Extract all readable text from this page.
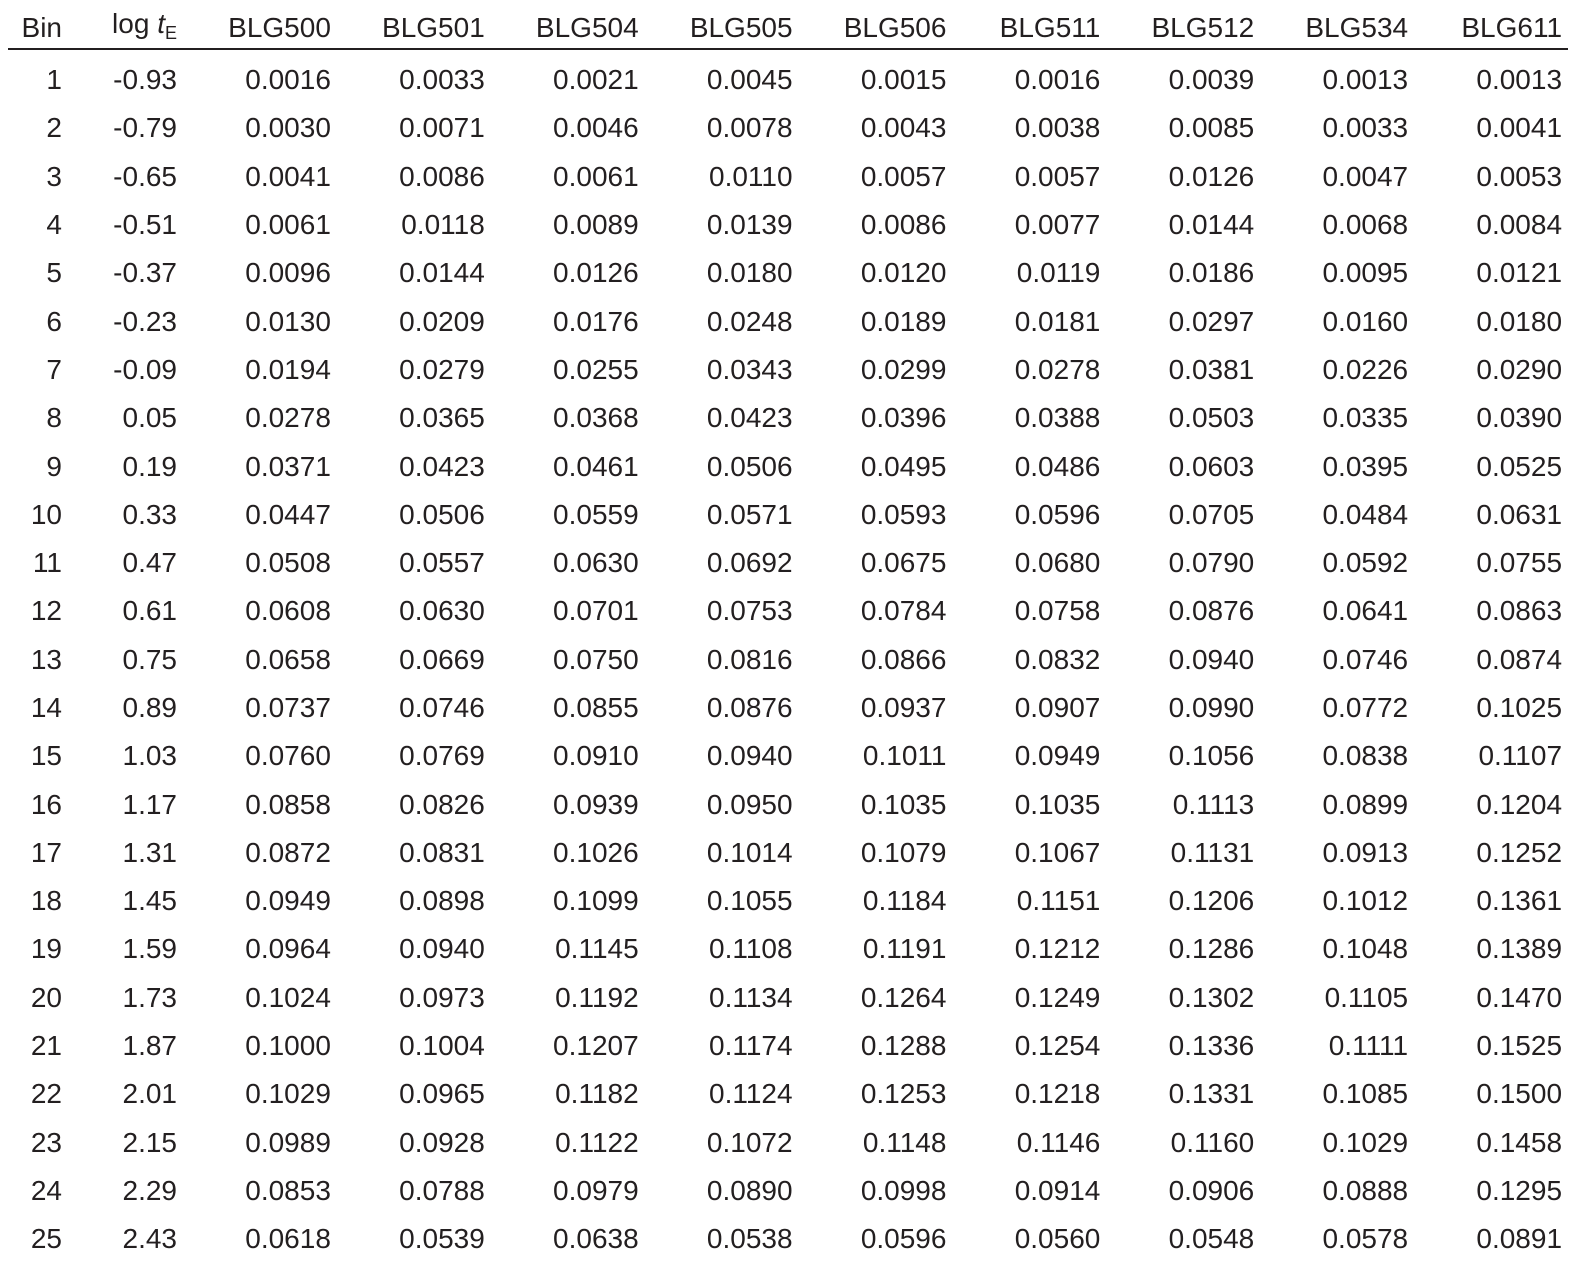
Bin	$\log t_E$	BLG500	BLG501	BLG504	BLG505	BLG506	BLG511	BLG512	BLG534	BLG611
1	-0.93	0.0016	0.0033	0.0021	0.0045	0.0015	0.0016	0.0039	0.0013	0.0013
2	-0.79	0.0030	0.0071	0.0046	0.0078	0.0043	0.0038	0.0085	0.0033	0.0041
3	-0.65	0.0041	0.0086	0.0061	0.0110	0.0057	0.0057	0.0126	0.0047	0.0053
4	-0.51	0.0061	0.0118	0.0089	0.0139	0.0086	0.0077	0.0144	0.0068	0.0084
5	-0.37	0.0096	0.0144	0.0126	0.0180	0.0120	0.0119	0.0186	0.0095	0.0121
6	-0.23	0.0130	0.0209	0.0176	0.0248	0.0189	0.0181	0.0297	0.0160	0.0180
7	-0.09	0.0194	0.0279	0.0255	0.0343	0.0299	0.0278	0.0381	0.0226	0.0290
8	0.05	0.0278	0.0365	0.0368	0.0423	0.0396	0.0388	0.0503	0.0335	0.0390
9	0.19	0.0371	0.0423	0.0461	0.0506	0.0495	0.0486	0.0603	0.0395	0.0525
10	0.33	0.0447	0.0506	0.0559	0.0571	0.0593	0.0596	0.0705	0.0484	0.0631
11	0.47	0.0508	0.0557	0.0630	0.0692	0.0675	0.0680	0.0790	0.0592	0.0755
12	0.61	0.0608	0.0630	0.0701	0.0753	0.0784	0.0758	0.0876	0.0641	0.0863
13	0.75	0.0658	0.0669	0.0750	0.0816	0.0866	0.0832	0.0940	0.0746	0.0874
14	0.89	0.0737	0.0746	0.0855	0.0876	0.0937	0.0907	0.0990	0.0772	0.1025
15	1.03	0.0760	0.0769	0.0910	0.0940	0.1011	0.0949	0.1056	0.0838	0.1107
16	1.17	0.0858	0.0826	0.0939	0.0950	0.1035	0.1035	0.1113	0.0899	0.1204
17	1.31	0.0872	0.0831	0.1026	0.1014	0.1079	0.1067	0.1131	0.0913	0.1252
18	1.45	0.0949	0.0898	0.1099	0.1055	0.1184	0.1151	0.1206	0.1012	0.1361
19	1.59	0.0964	0.0940	0.1145	0.1108	0.1191	0.1212	0.1286	0.1048	0.1389
20	1.73	0.1024	0.0973	0.1192	0.1134	0.1264	0.1249	0.1302	0.1105	0.1470
21	1.87	0.1000	0.1004	0.1207	0.1174	0.1288	0.1254	0.1336	0.1111	0.1525
22	2.01	0.1029	0.0965	0.1182	0.1124	0.1253	0.1218	0.1331	0.1085	0.1500
23	2.15	0.0989	0.0928	0.1122	0.1072	0.1148	0.1146	0.1160	0.1029	0.1458
24	2.29	0.0853	0.0788	0.0979	0.0890	0.0998	0.0914	0.0906	0.0888	0.1295
25	2.43	0.0618	0.0539	0.0638	0.0538	0.0596	0.0560	0.0548	0.0578	0.0891
